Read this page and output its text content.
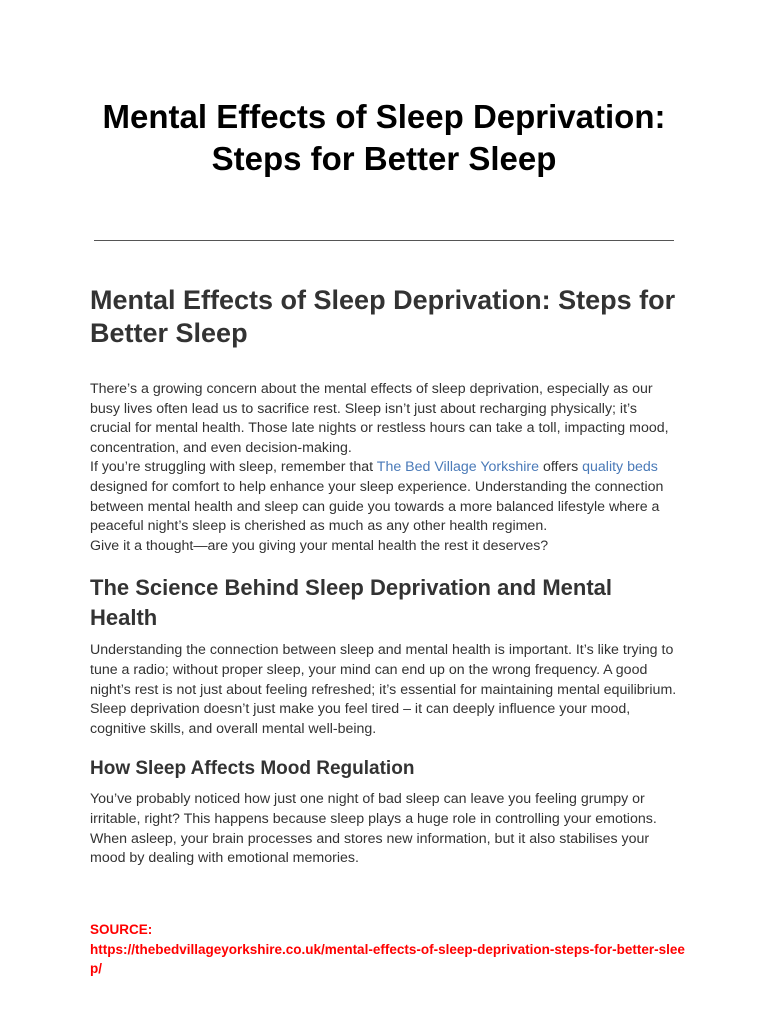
Mental Effects of Sleep Deprivation: Steps for Better Sleep
Mental Effects of Sleep Deprivation: Steps for Better Sleep

There’s a growing concern about the mental effects of sleep deprivation, especially as our busy lives often lead us to sacrifice rest. Sleep isn’t just about recharging physically; it’s crucial for mental health. Those late nights or restless hours can take a toll, impacting mood, concentration, and even decision-making.

If you’re struggling with sleep, remember that The Bed Village Yorkshire offers quality beds designed for comfort to help enhance your sleep experience. Understanding the connection between mental health and sleep can guide you towards a more balanced lifestyle where a peaceful night’s sleep is cherished as much as any other health regimen.

Give it a thought—are you giving your mental health the rest it deserves?

The Science Behind Sleep Deprivation and Mental Health

Understanding the connection between sleep and mental health is important. It’s like trying to tune a radio; without proper sleep, your mind can end up on the wrong frequency. A good night’s rest is not just about feeling refreshed; it’s essential for maintaining mental equilibrium.

Sleep deprivation doesn’t just make you feel tired – it can deeply influence your mood, cognitive skills, and overall mental well-being.

How Sleep Affects Mood Regulation

You’ve probably noticed how just one night of bad sleep can leave you feeling grumpy or irritable, right? This happens because sleep plays a huge role in controlling your emotions. When asleep, your brain processes and stores new information, but it also stabilises your mood by dealing with emotional memories.

SOURCE:
https://thebedvillageyorkshire.co.uk/mental-effects-of-sleep-deprivation-steps-for-better-sleep/
